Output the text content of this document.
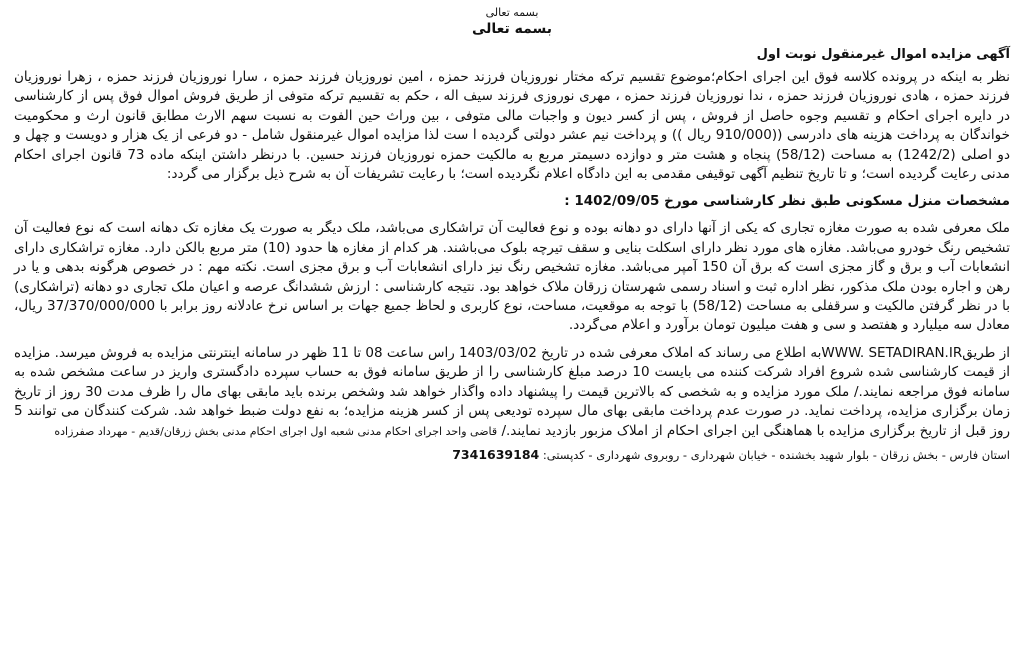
بسمه تعالی

بسمه تعالی

آگهی مزایده اموال غیرمنقول نوبت اول

نظر به اینکه در پرونده کلاسه فوق این اجرای احکام؛موضوع تقسیم ترکه مختار نوروزیان فرزند حمزه ، امین نوروزیان فرزند حمزه ، سارا نوروزیان فرزند حمزه ، زهرا نوروزیان فرزند حمزه ، هادی نوروزیان فرزند حمزه ، ندا نوروزیان فرزند حمزه ، مهری نوروزی فرزند سیف اله ، حکم به تقسیم ترکه متوفی از طریق فروش اموال فوق پس از کارشناسی در دایره اجرای احکام و تقسیم وجوه حاصل از فروش ، پس از کسر دیون و واجبات مالی متوفی ، بین وراث حین الفوت به نسبت سهم الارث مطابق قانون ارث و محکومیت خواندگان به پرداخت هزینه های دادرسی ((910/000 ریال )) و پرداخت نیم عشر دولتی گردیده ا ست لذا مزایده اموال غیرمنقول شامل - دو فرعی از یک هزار و دویست و چهل و دو اصلی (1242/2) به مساحت (58/12) پنجاه و هشت متر و دوازده دسیمتر مربع به مالکیت حمزه نوروزیان فرزند حسین. با درنظر داشتن اینکه ماده 73 قانون اجرای احکام مدنی رعایت گردیده است؛ و تا تاریخ تنظیم آگهی توقیفی مقدمی به این دادگاه اعلام نگردیده است؛ با رعایت تشریفات آن به شرح ذیل برگزار می گردد:

مشخصات منزل مسکونی طبق نظر کارشناسی مورخ 1402/09/05 :

ملک معرفی شده به صورت مغازه تجاری که یکی از آنها دارای دو دهانه بوده و نوع فعالیت آن تراشکاری می‌باشد، ملک دیگر به صورت یک مغازه تک دهانه است که نوع فعالیت آن تشخیص رنگ خودرو می‌باشد. مغازه های مورد نظر دارای اسکلت بنایی و سقف تیرچه بلوک می‌باشند. هر کدام از مغازه ها حدود (10) متر مربع بالکن دارد. مغازه تراشکاری دارای انشعابات آب و برق و گاز مجزی است که برق آن 150 آمپر می‌باشد. مغازه تشخیص رنگ نیز دارای انشعابات آب و برق مجزی است. نکته مهم : در خصوص هرگونه بدهی و یا در رهن و اجاره بودن ملک مذکور، نظر اداره ثبت و اسناد رسمی شهرستان زرقان ملاک خواهد بود. نتیجه کارشناسی : ارزش ششدانگ عرصه و اعیان ملک تجاری دو دهانه (تراشکاری) با در نظر گرفتن مالکیت و سرقفلی به مساحت (58/12) با توجه به موقعیت، مساحت، نوع کاربری و لحاظ جمیع جهات بر اساس نرخ عادلانه روز برابر با 37/370/000/000 ریال، معادل سه میلیارد و هفتصد و سی و هفت میلیون تومان برآورد و اعلام می‌گردد.

از طریقWWW. SETADIRAN.IRبه اطلاع می رساند که املاک معرفی شده در تاریخ 1403/03/02 راس ساعت 08 تا 11 ظهر در سامانه اینترنتی مزایده به فروش میرسد. مزایده از قیمت کارشناسی شده شروع افراد شرکت کننده می بایست 10 درصد مبلغ کارشناسی را از طریق سامانه فوق به حساب سپرده دادگستری واریز در ساعت مشخص شده به سامانه فوق مراجعه نمایند./ ملک مورد مزایده و به شخصی که بالاترین قیمت را پیشنهاد داده واگذار خواهد شد وشخص برنده باید مابقی بهای مال را ظرف مدت 30 روز از تاریخ زمان برگزاری مزایده، پرداخت نماید. در صورت عدم پرداخت مابقی بهای مال سپرده تودیعی پس از کسر هزینه مزایده؛ به نفع دولت ضبط خواهد شد. شرکت کنندگان می توانند 5 روز قبل از تاریخ برگزاری مزایده با هماهنگی این اجرای احکام از املاک مزبور بازدید نمایند./ قاضی واحد اجرای احکام مدنی شعبه اول اجرای احکام مدنی بخش زرقان/قدیم - مهرداد صفرزاده

استان فارس - بخش زرقان - بلوار شهید بخشنده - خیابان شهرداری - روبروی شهرداری - کدپستی: 7341639184
